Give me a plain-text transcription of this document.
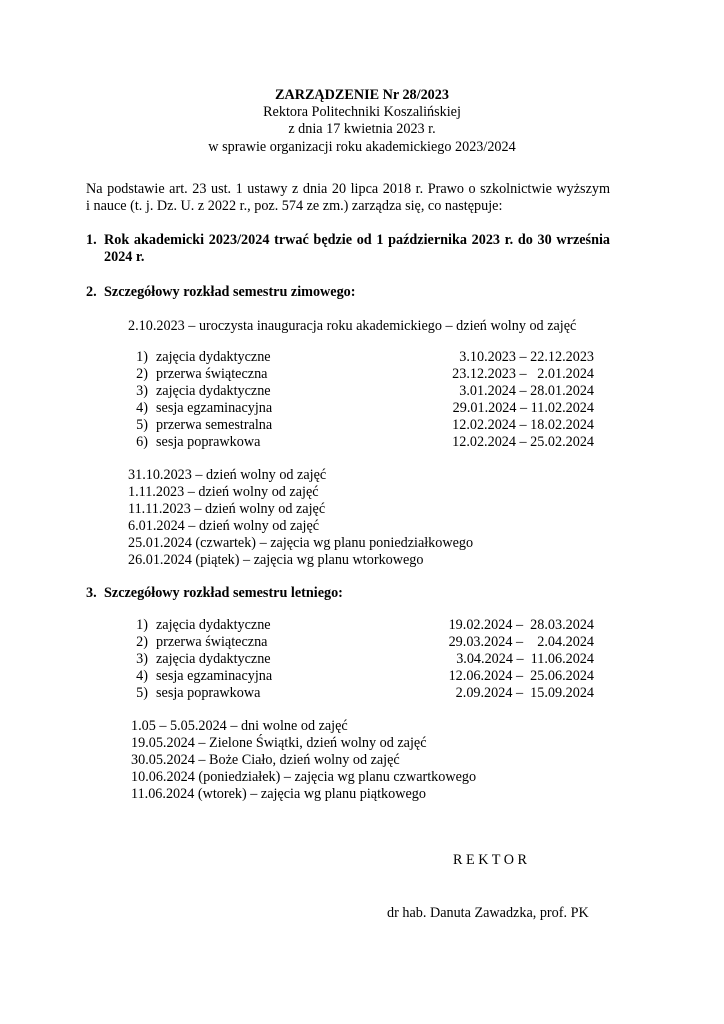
ZARZĄDZENIE Nr 28/2023
Rektora Politechniki Koszalińskiej
z dnia 17 kwietnia 2023 r.
w sprawie organizacji roku akademickiego 2023/2024
Na podstawie art. 23 ust. 1 ustawy z dnia 20 lipca 2018 r. Prawo o szkolnictwie wyższym
i nauce (t. j. Dz. U. z 2022 r., poz. 574 ze zm.) zarządza się, co następuje:
1. Rok akademicki 2023/2024 trwać będzie od 1 października 2023 r. do 30 września
2024 r.
2. Szczegółowy rozkład semestru zimowego:
2.10.2023 – uroczysta inauguracja roku akademickiego – dzień wolny od zajęć
1) zajęcia dydaktyczne	3.10.2023 – 22.12.2023
2) przerwa świąteczna	23.12.2023 –   2.01.2024
3) zajęcia dydaktyczne	3.01.2024 – 28.01.2024
4) sesja egzaminacyjna	29.01.2024 – 11.02.2024
5) przerwa semestralna	12.02.2024 – 18.02.2024
6) sesja poprawkowa	12.02.2024 – 25.02.2024
31.10.2023 – dzień wolny od zajęć
1.11.2023 – dzień wolny od zajęć
11.11.2023 – dzień wolny od zajęć
6.01.2024 – dzień wolny od zajęć
25.01.2024 (czwartek) – zajęcia wg planu poniedziałkowego
26.01.2024 (piątek) – zajęcia wg planu wtorkowego
3. Szczegółowy rozkład semestru letniego:
1) zajęcia dydaktyczne	19.02.2024 –  28.03.2024
2) przerwa świąteczna	29.03.2024 –    2.04.2024
3) zajęcia dydaktyczne	3.04.2024 –  11.06.2024
4) sesja egzaminacyjna	12.06.2024 –  25.06.2024
5) sesja poprawkowa	2.09.2024 –  15.09.2024
1.05 – 5.05.2024 – dni wolne od zajęć
19.05.2024 – Zielone Świątki, dzień wolny od zajęć
30.05.2024 – Boże Ciało, dzień wolny od zajęć
10.06.2024 (poniedziałek) – zajęcia wg planu czwartkowego
11.06.2024 (wtorek) – zajęcia wg planu piątkowego
R E K T O R
dr hab. Danuta Zawadzka, prof. PK
